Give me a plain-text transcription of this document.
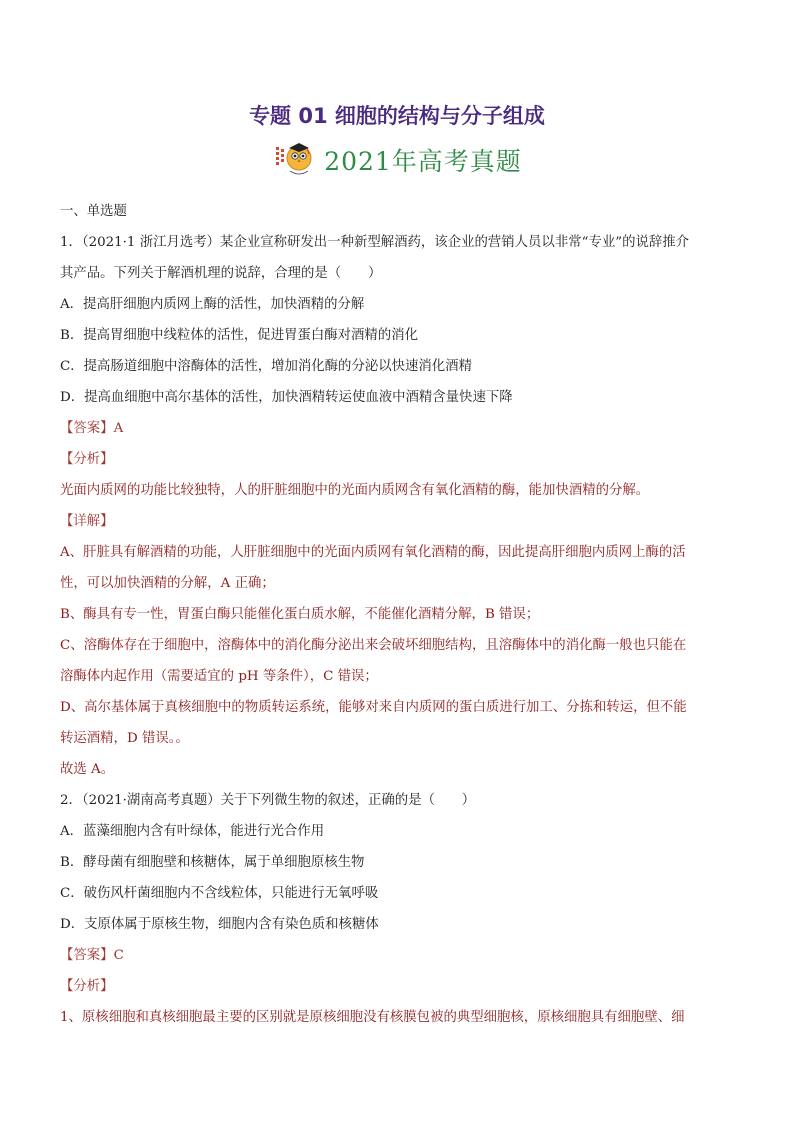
专题 01 细胞的结构与分子组成
2021年高考真题

一、单选题

1．（2021·1 浙江月选考）某企业宣称研发出一种新型解酒药，该企业的营销人员以非常“专业”的说辞推介

其产品。下列关于解酒机理的说辞，合理的是（　　）

A．提高肝细胞内质网上酶的活性，加快酒精的分解

B．提高胃细胞中线粒体的活性，促进胃蛋白酶对酒精的消化

C．提高肠道细胞中溶酶体的活性，增加消化酶的分泌以快速消化酒精

D．提高血细胞中高尔基体的活性，加快酒精转运使血液中酒精含量快速下降

【答案】A

【分析】

光面内质网的功能比较独特，人的肝脏细胞中的光面内质网含有氧化酒精的酶，能加快酒精的分解。

【详解】

A、肝脏具有解酒精的功能，人肝脏细胞中的光面内质网有氧化酒精的酶，因此提高肝细胞内质网上酶的活

性，可以加快酒精的分解，A 正确；

B、酶具有专一性，胃蛋白酶只能催化蛋白质水解，不能催化酒精分解，B 错误；

C、溶酶体存在于细胞中，溶酶体中的消化酶分泌出来会破坏细胞结构，且溶酶体中的消化酶一般也只能在

溶酶体内起作用（需要适宜的 pH 等条件），C 错误；

D、高尔基体属于真核细胞中的物质转运系统，能够对来自内质网的蛋白质进行加工、分拣和转运，但不能

转运酒精，D 错误。。

故选 A。

2．（2021·湖南高考真题）关于下列微生物的叙述，正确的是（　　）

A．蓝藻细胞内含有叶绿体，能进行光合作用

B．酵母菌有细胞壁和核糖体，属于单细胞原核生物

C．破伤风杆菌细胞内不含线粒体，只能进行无氧呼吸

D．支原体属于原核生物，细胞内含有染色质和核糖体

【答案】C

【分析】

1、原核细胞和真核细胞最主要的区别就是原核细胞没有核膜包被的典型细胞核，原核细胞具有细胞壁、细
